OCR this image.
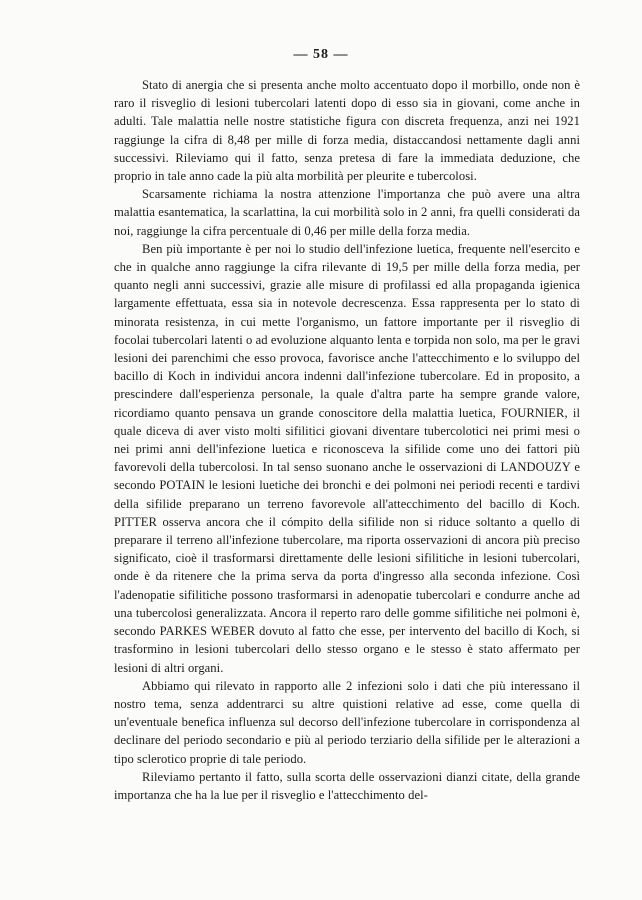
— 58 —

Stato di anergia che si presenta anche molto accentuato dopo il morbillo, onde non è raro il risveglio di lesioni tubercolari latenti dopo di esso sia in giovani, come anche in adulti. Tale malattia nelle nostre statistiche figura con discreta frequenza, anzi nei 1921 raggiunge la cifra di 8,48 per mille di forza media, distaccandosi nettamente dagli anni successivi. Rileviamo qui il fatto, senza pretesa di fare la immediata deduzione, che proprio in tale anno cade la più alta morbilità per pleurite e tubercolosi.

Scarsamente richiama la nostra attenzione l'importanza che può avere una altra malattia esantematica, la scarlattina, la cui morbilità solo in 2 anni, fra quelli considerati da noi, raggiunge la cifra percentuale di 0,46 per mille della forza media.

Ben più importante è per noi lo studio dell'infezione luetica, frequente nell'esercito e che in qualche anno raggiunge la cifra rilevante di 19,5 per mille della forza media, per quanto negli anni successivi, grazie alle misure di profilassi ed alla propaganda igienica largamente effettuata, essa sia in notevole decrescenza. Essa rappresenta per lo stato di minorata resistenza, in cui mette l'organismo, un fattore importante per il risveglio di focolai tubercolari latenti o ad evoluzione alquanto lenta e torpida non solo, ma per le gravi lesioni dei parenchimi che esso provoca, favorisce anche l'attecchimento e lo sviluppo del bacillo di Koch in individui ancora indenni dall'infezione tubercolare. Ed in proposito, a prescindere dall'esperienza personale, la quale d'altra parte ha sempre grande valore, ricordiamo quanto pensava un grande conoscitore della malattia luetica, FOURNIER, il quale diceva di aver visto molti sifilitici giovani diventare tubercolotici nei primi mesi o nei primi anni dell'infezione luetica e riconosceva la sifilide come uno dei fattori più favorevoli della tubercolosi. In tal senso suonano anche le osservazioni di LANDOUZY e secondo POTAIN le lesioni luetiche dei bronchi e dei polmoni nei periodi recenti e tardivi della sifilide preparano un terreno favorevole all'attecchimento del bacillo di Koch. PITTER osserva ancora che il cómpito della sifilide non si riduce soltanto a quello di preparare il terreno all'infezione tubercolare, ma riporta osservazioni di ancora più preciso significato, cioè il trasformarsi direttamente delle lesioni sifilitiche in lesioni tubercolari, onde è da ritenere che la prima serva da porta d'ingresso alla seconda infezione. Così l'adenopatie sifilitiche possono trasformarsi in adenopatie tubercolari e condurre anche ad una tubercolosi generalizzata. Ancora il reperto raro delle gomme sifilitiche nei polmoni è, secondo PARKES WEBER dovuto al fatto che esse, per intervento del bacillo di Koch, si trasformino in lesioni tubercolari dello stesso organo e le stesso è stato affermato per lesioni di altri organi.

Abbiamo qui rilevato in rapporto alle 2 infezioni solo i dati che più interessano il nostro tema, senza addentrarci su altre quistioni relative ad esse, come quella di un'eventuale benefica influenza sul decorso dell'infezione tubercolare in corrispondenza al declinare del periodo secondario e più al periodo terziario della sifilide per le alterazioni a tipo sclerotico proprie di tale periodo.

Rileviamo pertanto il fatto, sulla scorta delle osservazioni dianzi citate, della grande importanza che ha la lue per il risveglio e l'attecchimento del-
